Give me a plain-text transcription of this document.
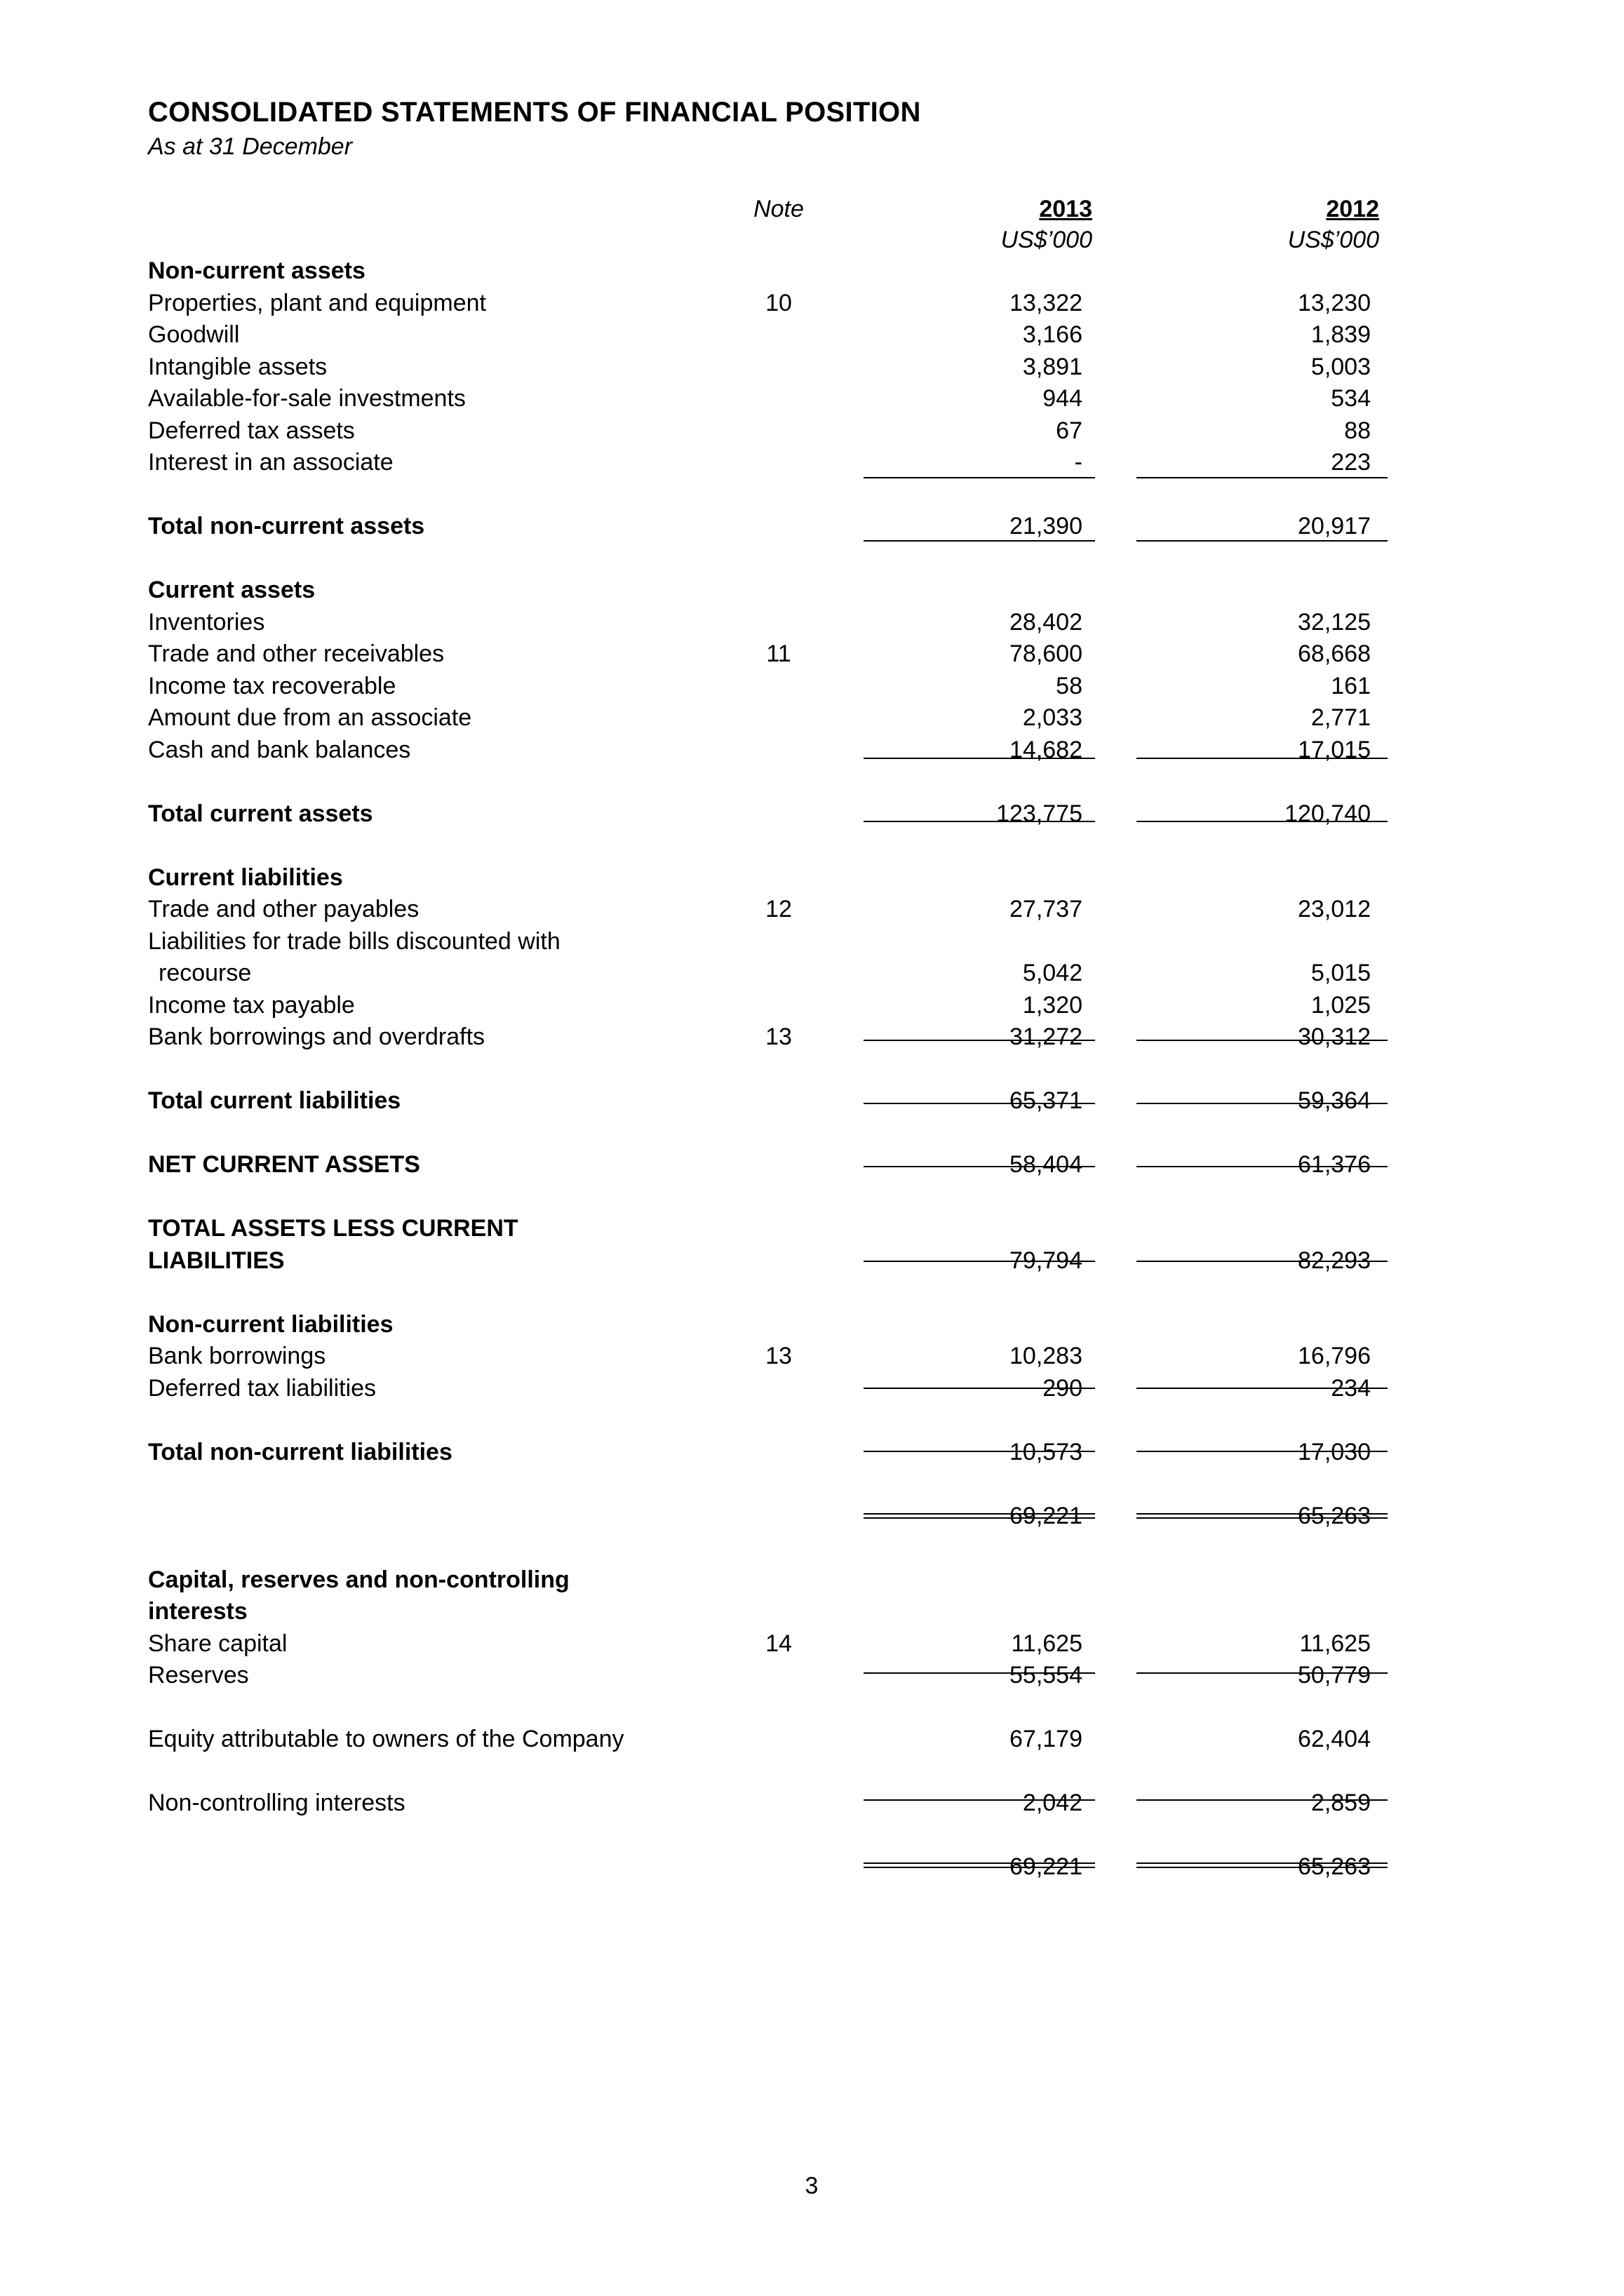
CONSOLIDATED STATEMENTS OF FINANCIAL POSITION
As at 31 December
Note	2013	2012
US$’000	US$’000
Non-current assets
Properties, plant and equipment	10	13,322	13,230
Goodwill	3,166	1,839
Intangible assets	3,891	5,003
Available-for-sale investments	944	534
Deferred tax assets	67	88
Interest in an associate	-	223
Total non-current assets	21,390	20,917
Current assets
Inventories	28,402	32,125
Trade and other receivables	11	78,600	68,668
Income tax recoverable	58	161
Amount due from an associate	2,033	2,771
Cash and bank balances	14,682	17,015
Total current assets	123,775	120,740
Current liabilities
Trade and other payables	12	27,737	23,012
Liabilities for trade bills discounted with
recourse	5,042	5,015
Income tax payable	1,320	1,025
Bank borrowings and overdrafts	13	31,272	30,312
Total current liabilities	65,371	59,364
NET CURRENT ASSETS	58,404	61,376
TOTAL ASSETS LESS CURRENT
LIABILITIES	79,794	82,293
Non-current liabilities
Bank borrowings	13	10,283	16,796
Deferred tax liabilities	290	234
Total non-current liabilities	10,573	17,030
69,221	65,263
Capital, reserves and non-controlling
interests
Share capital	14	11,625	11,625
Reserves	55,554	50,779
Equity attributable to owners of the Company	67,179	62,404
Non-controlling interests	2,042	2,859
69,221	65,263
3
